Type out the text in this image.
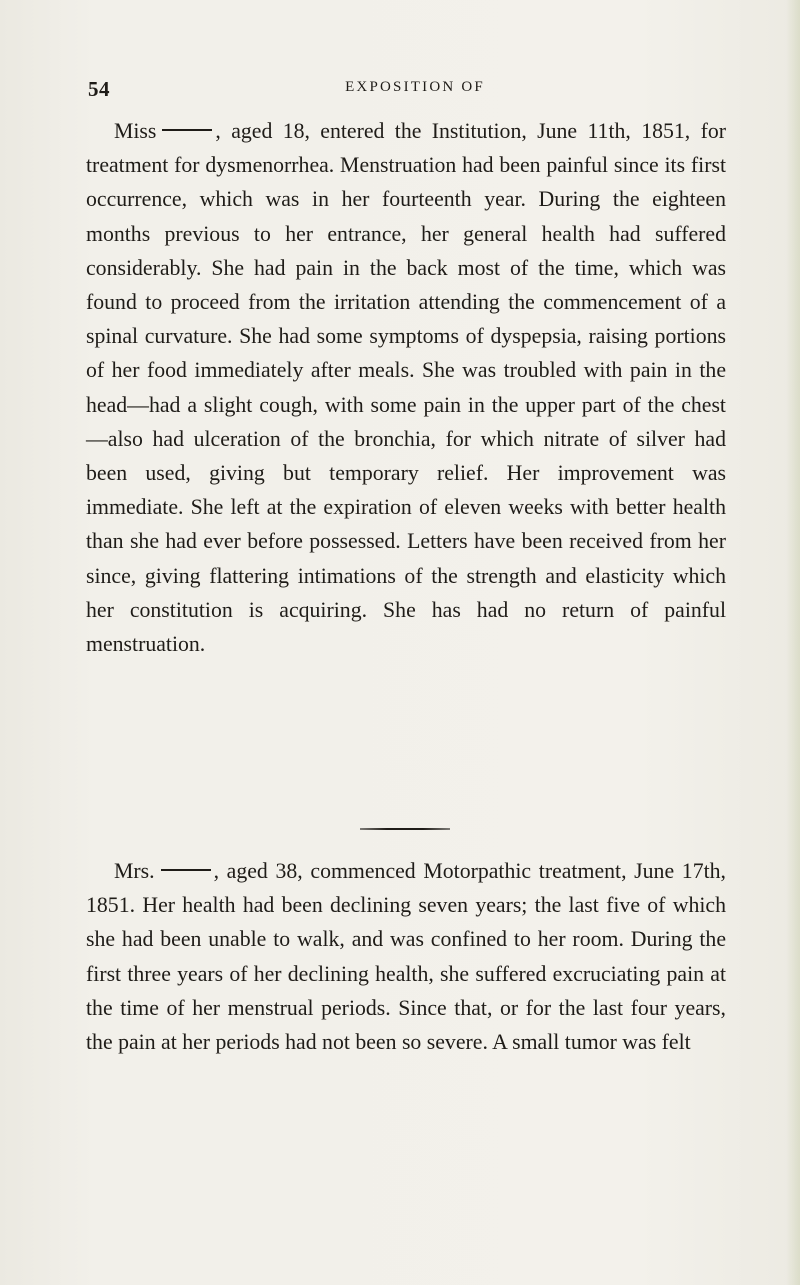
54	EXPOSITION OF

Miss	, aged 18, entered the Institution, June 11th, 1851, for treatment for dysmenorrhea. Menstruation had been painful since its first occurrence, which was in her fourteenth year. During the eighteen months previous to her entrance, her general health had suffered considerably. She had pain in the back most of the time, which was found to proceed from the irritation attending the commencement of a spinal curvature. She had some symptoms of dyspepsia, raising portions of her food immediately after meals. She was troubled with pain in the head—had a slight cough, with some pain in the upper part of the chest—also had ulceration of the bronchia, for which nitrate of silver had been used, giving but temporary relief. Her improvement was immediate. She left at the expiration of eleven weeks with better health than she had ever before possessed. Letters have been received from her since, giving flattering intimations of the strength and elasticity which her constitution is acquiring. She has had no return of painful menstruation.

Mrs.	, aged 38, commenced Motorpathic treatment, June 17th, 1851. Her health had been declining seven years; the last five of which she had been unable to walk, and was confined to her room. During the first three years of her declining health, she suffered excruciating pain at the time of her menstrual periods. Since that, or for the last four years, the pain at her periods had not been so severe. A small tumor was felt
